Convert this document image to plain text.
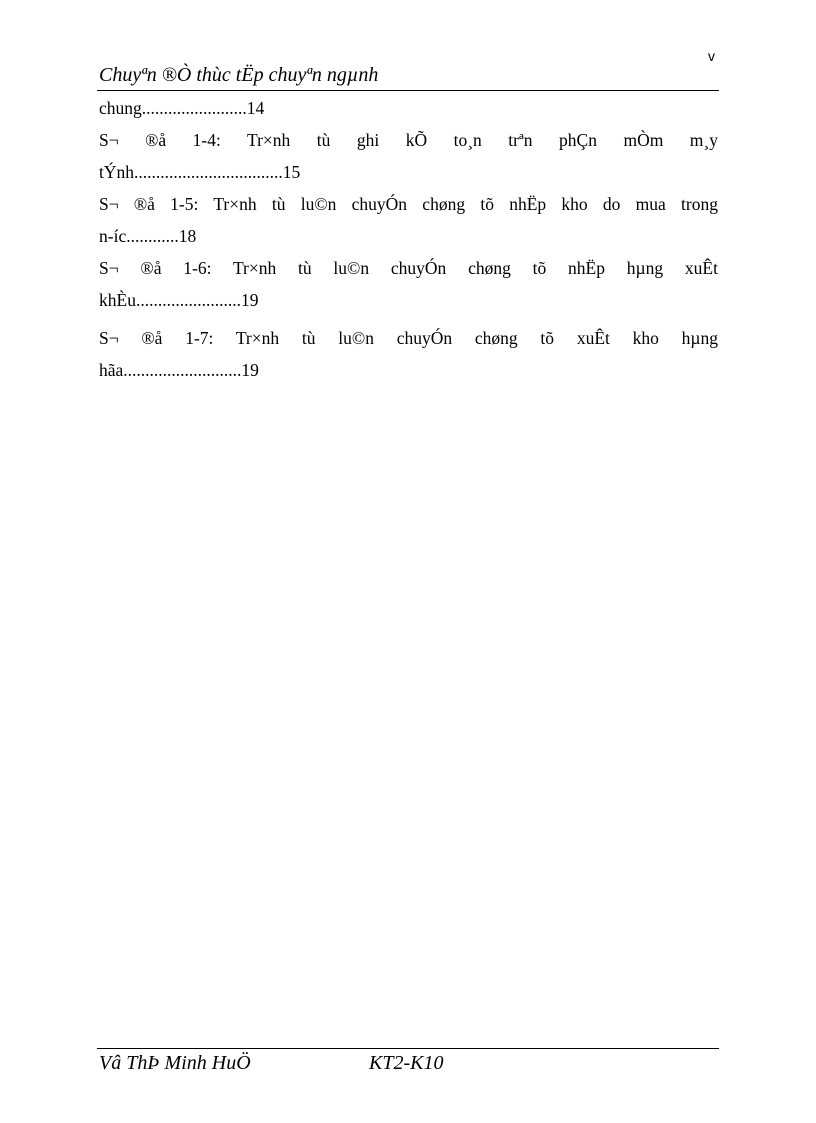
v
Chuyªn ®Ò thùc tËp chuyªn ngµnh
chung........................14
S¬ ®å 1-4: Tr×nh tù ghi kÕ to¸n trªn phÇn mÒm m¸y
tÝnh..................................15
S¬ ®å 1-5: Tr×nh tù lu©n chuyÓn chøng tõ nhËp kho do mua trong
n-íc............18
S¬ ®å 1-6: Tr×nh tù lu©n chuyÓn chøng tõ nhËp hµng xuÊt
khÈu........................19
S¬ ®å 1-7: Tr×nh tù lu©n chuyÓn chøng tõ xuÊt kho hµng
hãa...........................19
Vâ ThÞ Minh HuÖ	KT2-K10
